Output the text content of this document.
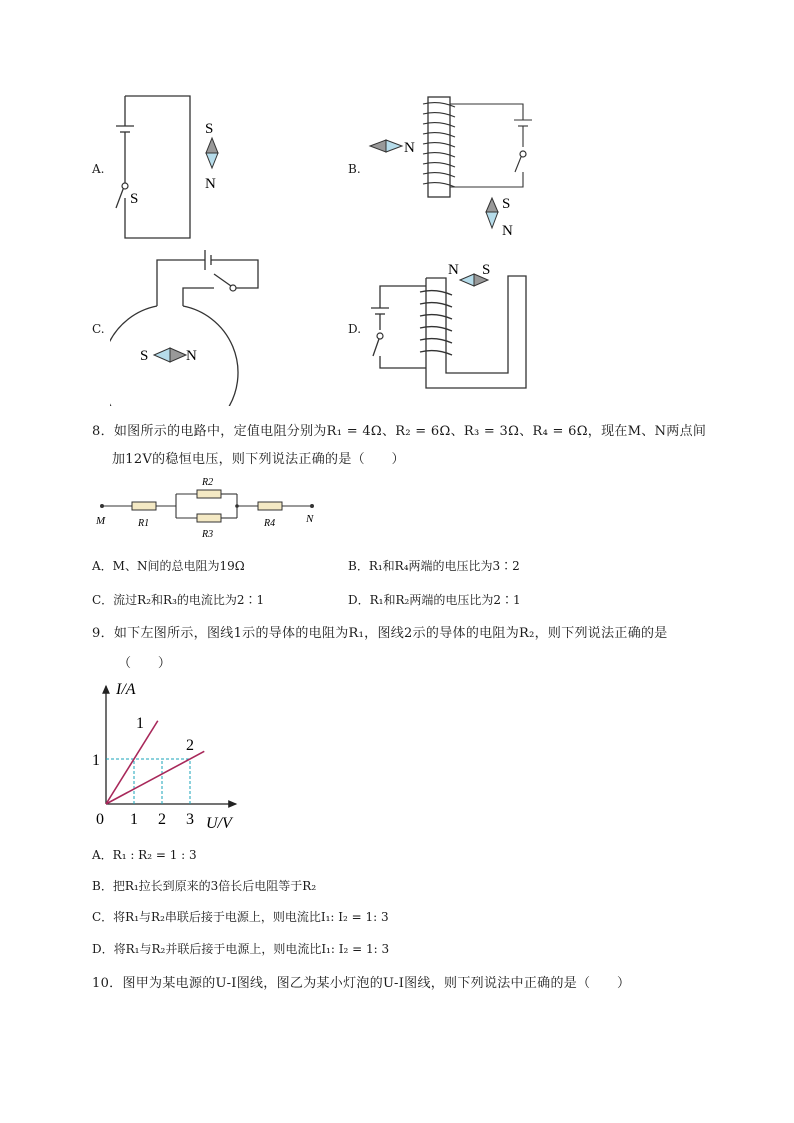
A.
S
S
N
B.
N
S
N
C.
S	N
D.
N S
8．如图所示的电路中，定值电阻分别为R₁ = 4Ω、R₂ = 6Ω、R₃ = 3Ω、R₄ = 6Ω，现在M、N两点间
加12V的稳恒电压，则下列说法正确的是（　　）
M	N
R1
R2
R3
R4
A．M、N间的总电阻为19Ω	B．R₁和R₄两端的电压比为3∶2
C．流过R₂和R₃的电流比为2∶1	D．R₁和R₂两端的电压比为2∶1
9．如下左图所示，图线1示的导体的电阻为R₁，图线2示的导体的电阻为R₂，则下列说法正确的是
（　　）
I/A
U/V
0 1 2 3
1
1
2
A．R₁ : R₂ = 1 : 3
B．把R₁拉长到原来的3倍长后电阻等于R₂
C．将R₁与R₂串联后接于电源上，则电流比I₁: I₂ = 1: 3
D．将R₁与R₂并联后接于电源上，则电流比I₁: I₂ = 1: 3
10．图甲为某电源的U-I图线，图乙为某小灯泡的U-I图线，则下列说法中正确的是（　　）
